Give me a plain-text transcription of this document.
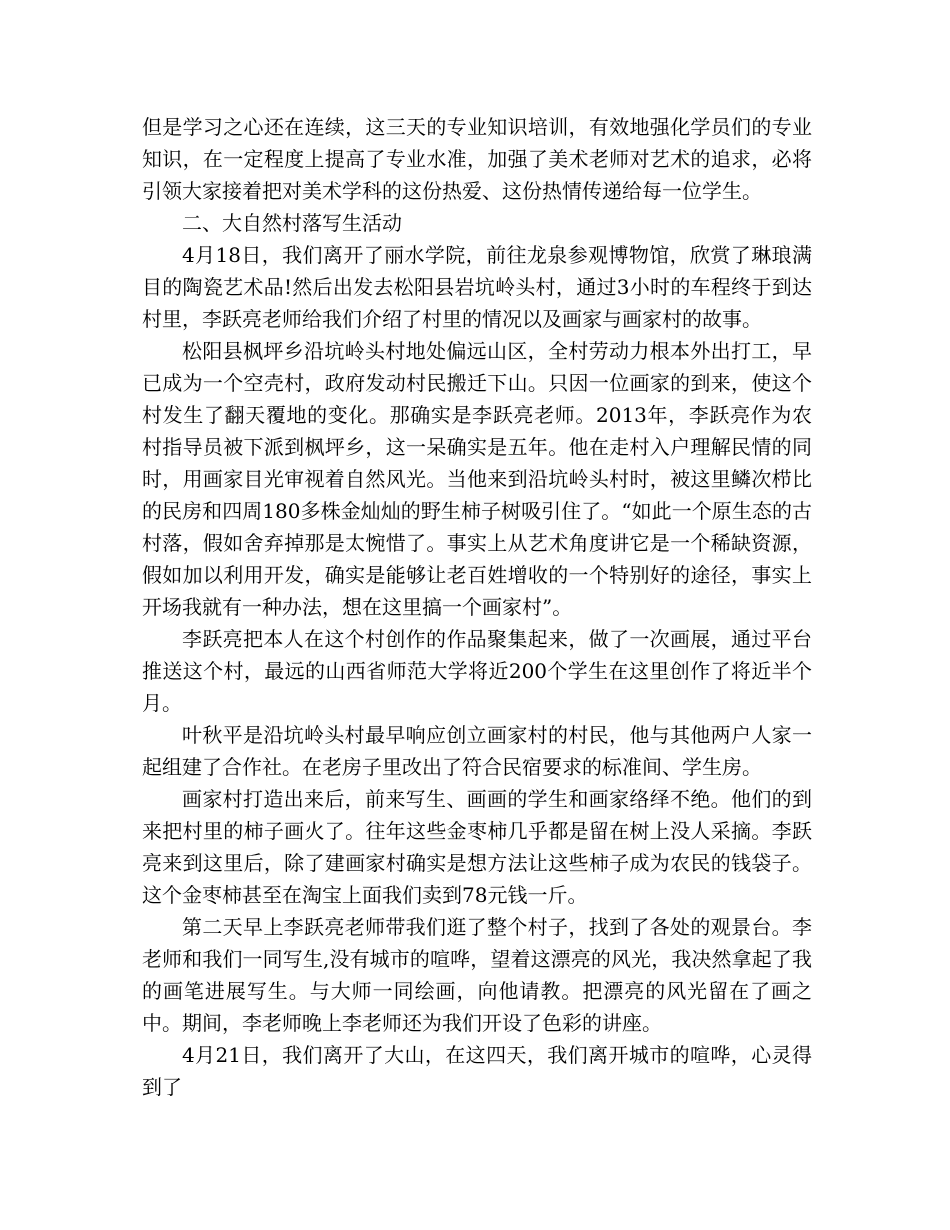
但是学习之心还在连续，这三天的专业知识培训，有效地强化学员们的专业知识，在一定程度上提高了专业水准，加强了美术老师对艺术的追求，必将引领大家接着把对美术学科的这份热爱、这份热情传递给每一位学生。

二、大自然村落写生活动

4月18日，我们离开了丽水学院，前往龙泉参观博物馆，欣赏了琳琅满目的陶瓷艺术品!然后出发去松阳县岩坑岭头村，通过3小时的车程终于到达村里，李跃亮老师给我们介绍了村里的情况以及画家与画家村的故事。

松阳县枫坪乡沿坑岭头村地处偏远山区，全村劳动力根本外出打工，早已成为一个空壳村，政府发动村民搬迁下山。只因一位画家的到来，使这个村发生了翻天覆地的变化。那确实是李跃亮老师。2013年，李跃亮作为农村指导员被下派到枫坪乡，这一呆确实是五年。他在走村入户理解民情的同时，用画家目光审视着自然风光。当他来到沿坑岭头村时，被这里鳞次栉比的民房和四周180多株金灿灿的野生柿子树吸引住了。“如此一个原生态的古村落，假如舍弃掉那是太惋惜了。事实上从艺术角度讲它是一个稀缺资源，假如加以利用开发，确实是能够让老百姓增收的一个特别好的途径，事实上开场我就有一种办法，想在这里搞一个画家村”。

李跃亮把本人在这个村创作的作品聚集起来，做了一次画展，通过平台推送这个村，最远的山西省师范大学将近200个学生在这里创作了将近半个月。

叶秋平是沿坑岭头村最早响应创立画家村的村民，他与其他两户人家一起组建了合作社。在老房子里改出了符合民宿要求的标准间、学生房。

画家村打造出来后，前来写生、画画的学生和画家络绎不绝。他们的到来把村里的柿子画火了。往年这些金枣柿几乎都是留在树上没人采摘。李跃亮来到这里后，除了建画家村确实是想方法让这些柿子成为农民的钱袋子。这个金枣柿甚至在淘宝上面我们卖到78元钱一斤。

第二天早上李跃亮老师带我们逛了整个村子，找到了各处的观景台。李老师和我们一同写生,没有城市的喧哗，望着这漂亮的风光，我决然拿起了我的画笔进展写生。与大师一同绘画，向他请教。把漂亮的风光留在了画之中。期间，李老师晚上李老师还为我们开设了色彩的讲座。

4月21日，我们离开了大山，在这四天，我们离开城市的喧哗，心灵得到了
